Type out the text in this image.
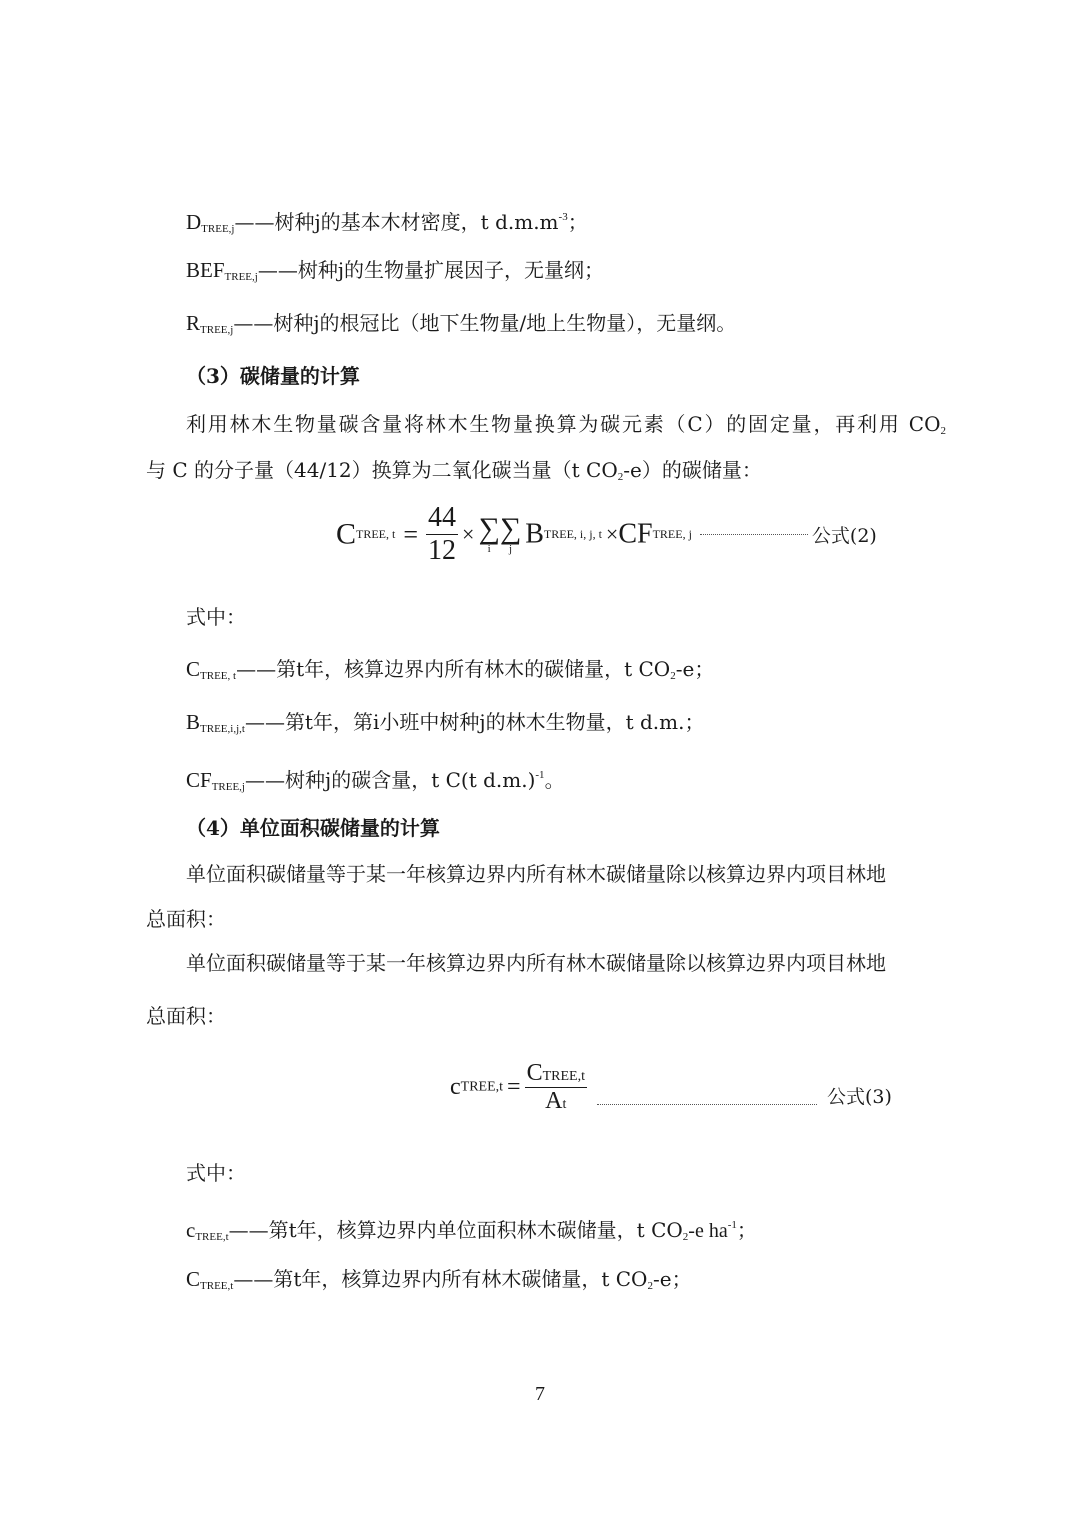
$D_{TREE,j}——$树种j的基本木材密度，t $d.m.m^{-3}$；
$BEF_{TREE,j}——$树种j的生物量扩展因子，无量纲；
$R_{TREE,j}——$树种j的根冠比（地下生物量/地上生物量），无量纲。
（3）碳储量的计算
利用林木生物量碳含量将林木生物量换算为碳元素（C）的固定量，再利用 $CO_2$
与 C 的分子量（44/12）换算为二氧化碳当量（t $CO_2-e$）的碳储量：
CTREE, $t = \frac{44}{12}$ × ∑
i
∑
j BTREE, i, j, t ×CFTREE, j	公式(2)
式中：
$C_{TREE, t}——$第t年，核算边界内所有林木的碳储量，t $CO_2-e$；
$B_{TREE,i,j,t}——$第t年，第i小班中树种j的林木生物量，t d.m.；
$CF_{TREE,j}——$树种j的碳含量，t C(t d.m.)$^{-1}$。
（4）单位面积碳储量的计算
单位面积碳储量等于某一年核算边界内所有林木碳储量除以核算边界内项目林地
总面积：
单位面积碳储量等于某一年核算边界内所有林木碳储量除以核算边界内项目林地
总面积：
cTREE,t = $\frac{\text{CTREE,t}}{At}$	公式(3)
式中：
$c_{TREE,t}——$第t年，核算边界内单位面积林木碳储量，t $CO_2-e$ $ha^{-1}$；
$C_{TREE,t}——$第t年，核算边界内所有林木碳储量，t $CO_2-e$；
7
